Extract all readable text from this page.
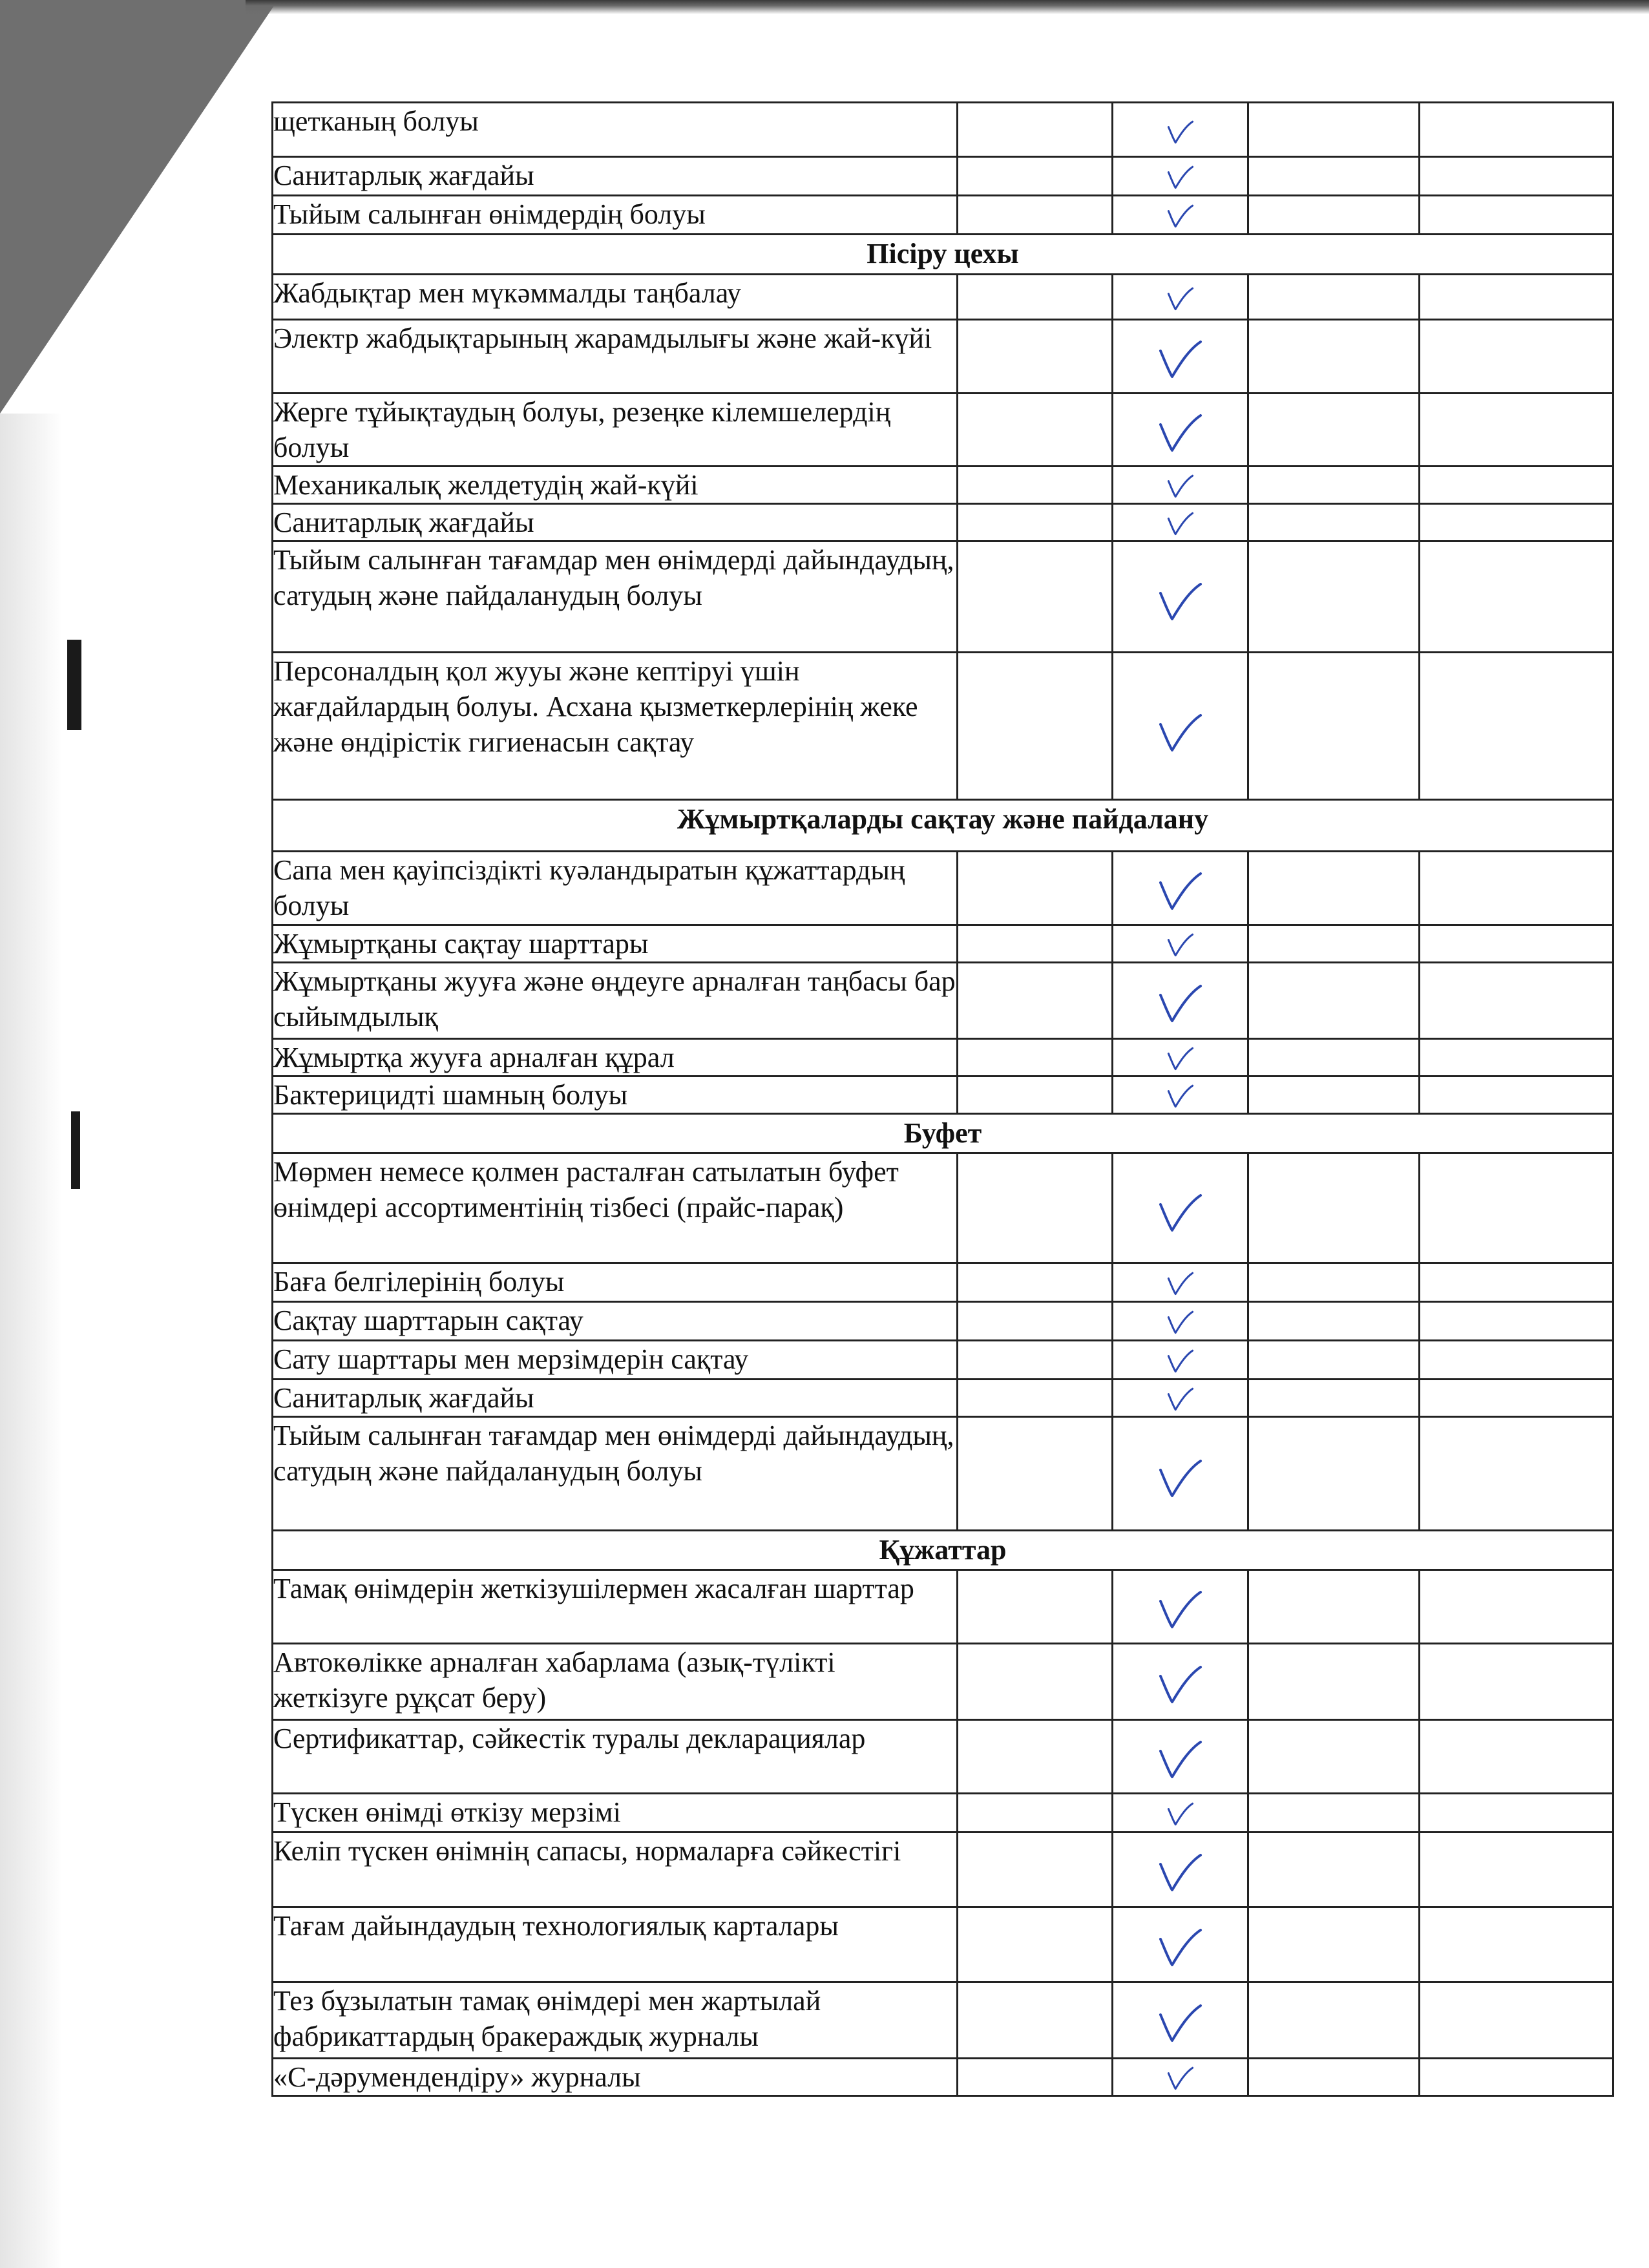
щетканың болуы

Санитарлық жағдайы

Тыйым салынған өнімдердің болуы

Пісіру цехы				

Жабдықтар мен мүкәммалды таңбалау

Электр жабдықтарының жарамдылығы және жай-күйі

Жерге тұйықтаудың болуы, резеңке кілемшелердің болуы

Механикалық желдетудің жай-күйі

Санитарлық жағдайы

Тыйым салынған тағамдар мен өнімдерді дайындаудың, сатудың және пайдаланудың болуы

Персоналдың қол жууы және кептіруі үшін жағдайлардың болуы. Асхана қызметкерлерінің жеке және өндірістік гигиенасын сақтау

Жұмыртқаларды сақтау және пайдалану				

Сапа мен қауіпсіздікті куәландыратын құжаттардың болуы

Жұмыртқаны сақтау шарттары

Жұмыртқаны жууға және өңдеуге арналған таңбасы бар сыйымдылық

Жұмыртқа жууға арналған құрал

Бактерицидті шамның болуы

Буфет				

Мөрмен немесе қолмен расталған сатылатын буфет өнімдері ассортиментінің тізбесі (прайс-парақ)

Баға белгілерінің болуы

Сақтау шарттарын сақтау

Сату шарттары мен мерзімдерін сақтау

Санитарлық жағдайы

Тыйым салынған тағамдар мен өнімдерді дайындаудың, сатудың және пайдаланудың болуы

Құжаттар				

Тамақ өнімдерін жеткізушілермен жасалған шарттар

Автокөлікке арналған хабарлама (азық-түлікті жеткізуге рұқсат беру)

Сертификаттар, сәйкестік туралы декларациялар

Түскен өнімді өткізу мерзімі

Келіп түскен өнімнің сапасы, нормаларға сәйкестігі

Тағам дайындаудың технологиялық карталары

Тез бұзылатын тамақ өнімдері мен жартылай фабрикаттардың бракераждық журналы

«С-дәрумендендіру» журналы
